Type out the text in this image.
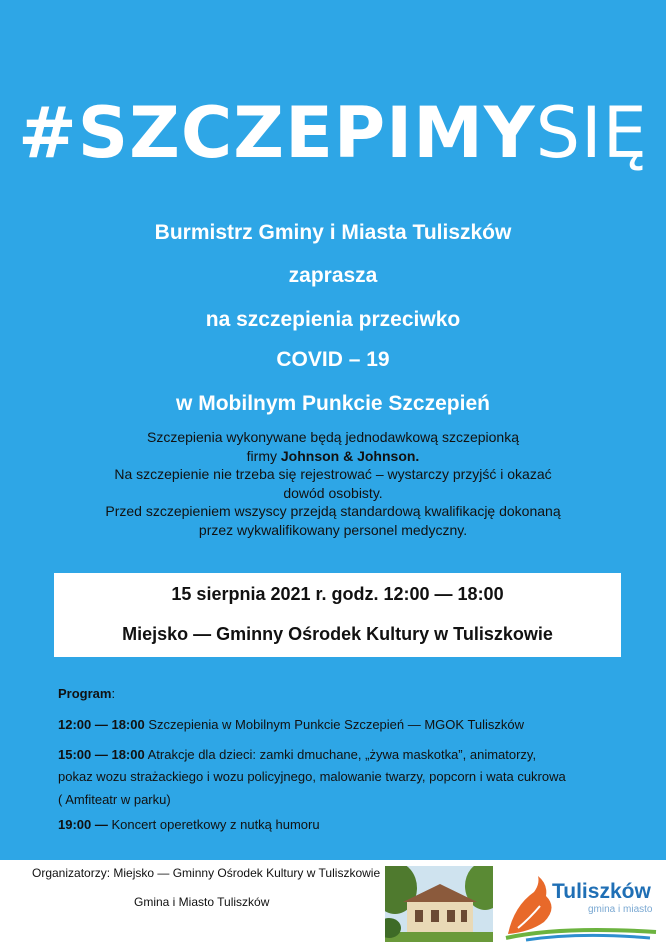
#SZCZEPIMYSIĘ
Burmistrz Gminy i Miasta Tuliszków
zaprasza
na szczepienia przeciwko
COVID – 19
w Mobilnym Punkcie Szczepień
Szczepienia wykonywane będą jednodawkową szczepionką
firmy Johnson & Johnson.
Na szczepienie nie trzeba się rejestrować – wystarczy przyjść i okazać
dowód osobisty.
Przed szczepieniem wszyscy przejdą standardową kwalifikację dokonaną
przez wykwalifikowany personel medyczny.
15 sierpnia 2021 r. godz. 12:00 — 18:00
Miejsko — Gminny Ośrodek Kultury w Tuliszkowie
Program:
12:00 — 18:00 Szczepienia w Mobilnym Punkcie Szczepień — MGOK Tuliszków
15:00 — 18:00 Atrakcje dla dzieci: zamki dmuchane, „żywa maskotka”, animatorzy,
pokaz wozu strażackiego i wozu policyjnego, malowanie twarzy, popcorn i wata cukrowa
( Amfiteatr w parku)
19:00 — Koncert operetkowy z nutką humoru
Organizatorzy: Miejsko — Gminny Ośrodek Kultury w Tuliszkowie
Gmina i Miasto Tuliszków	Tuliszków
gmina i miasto
